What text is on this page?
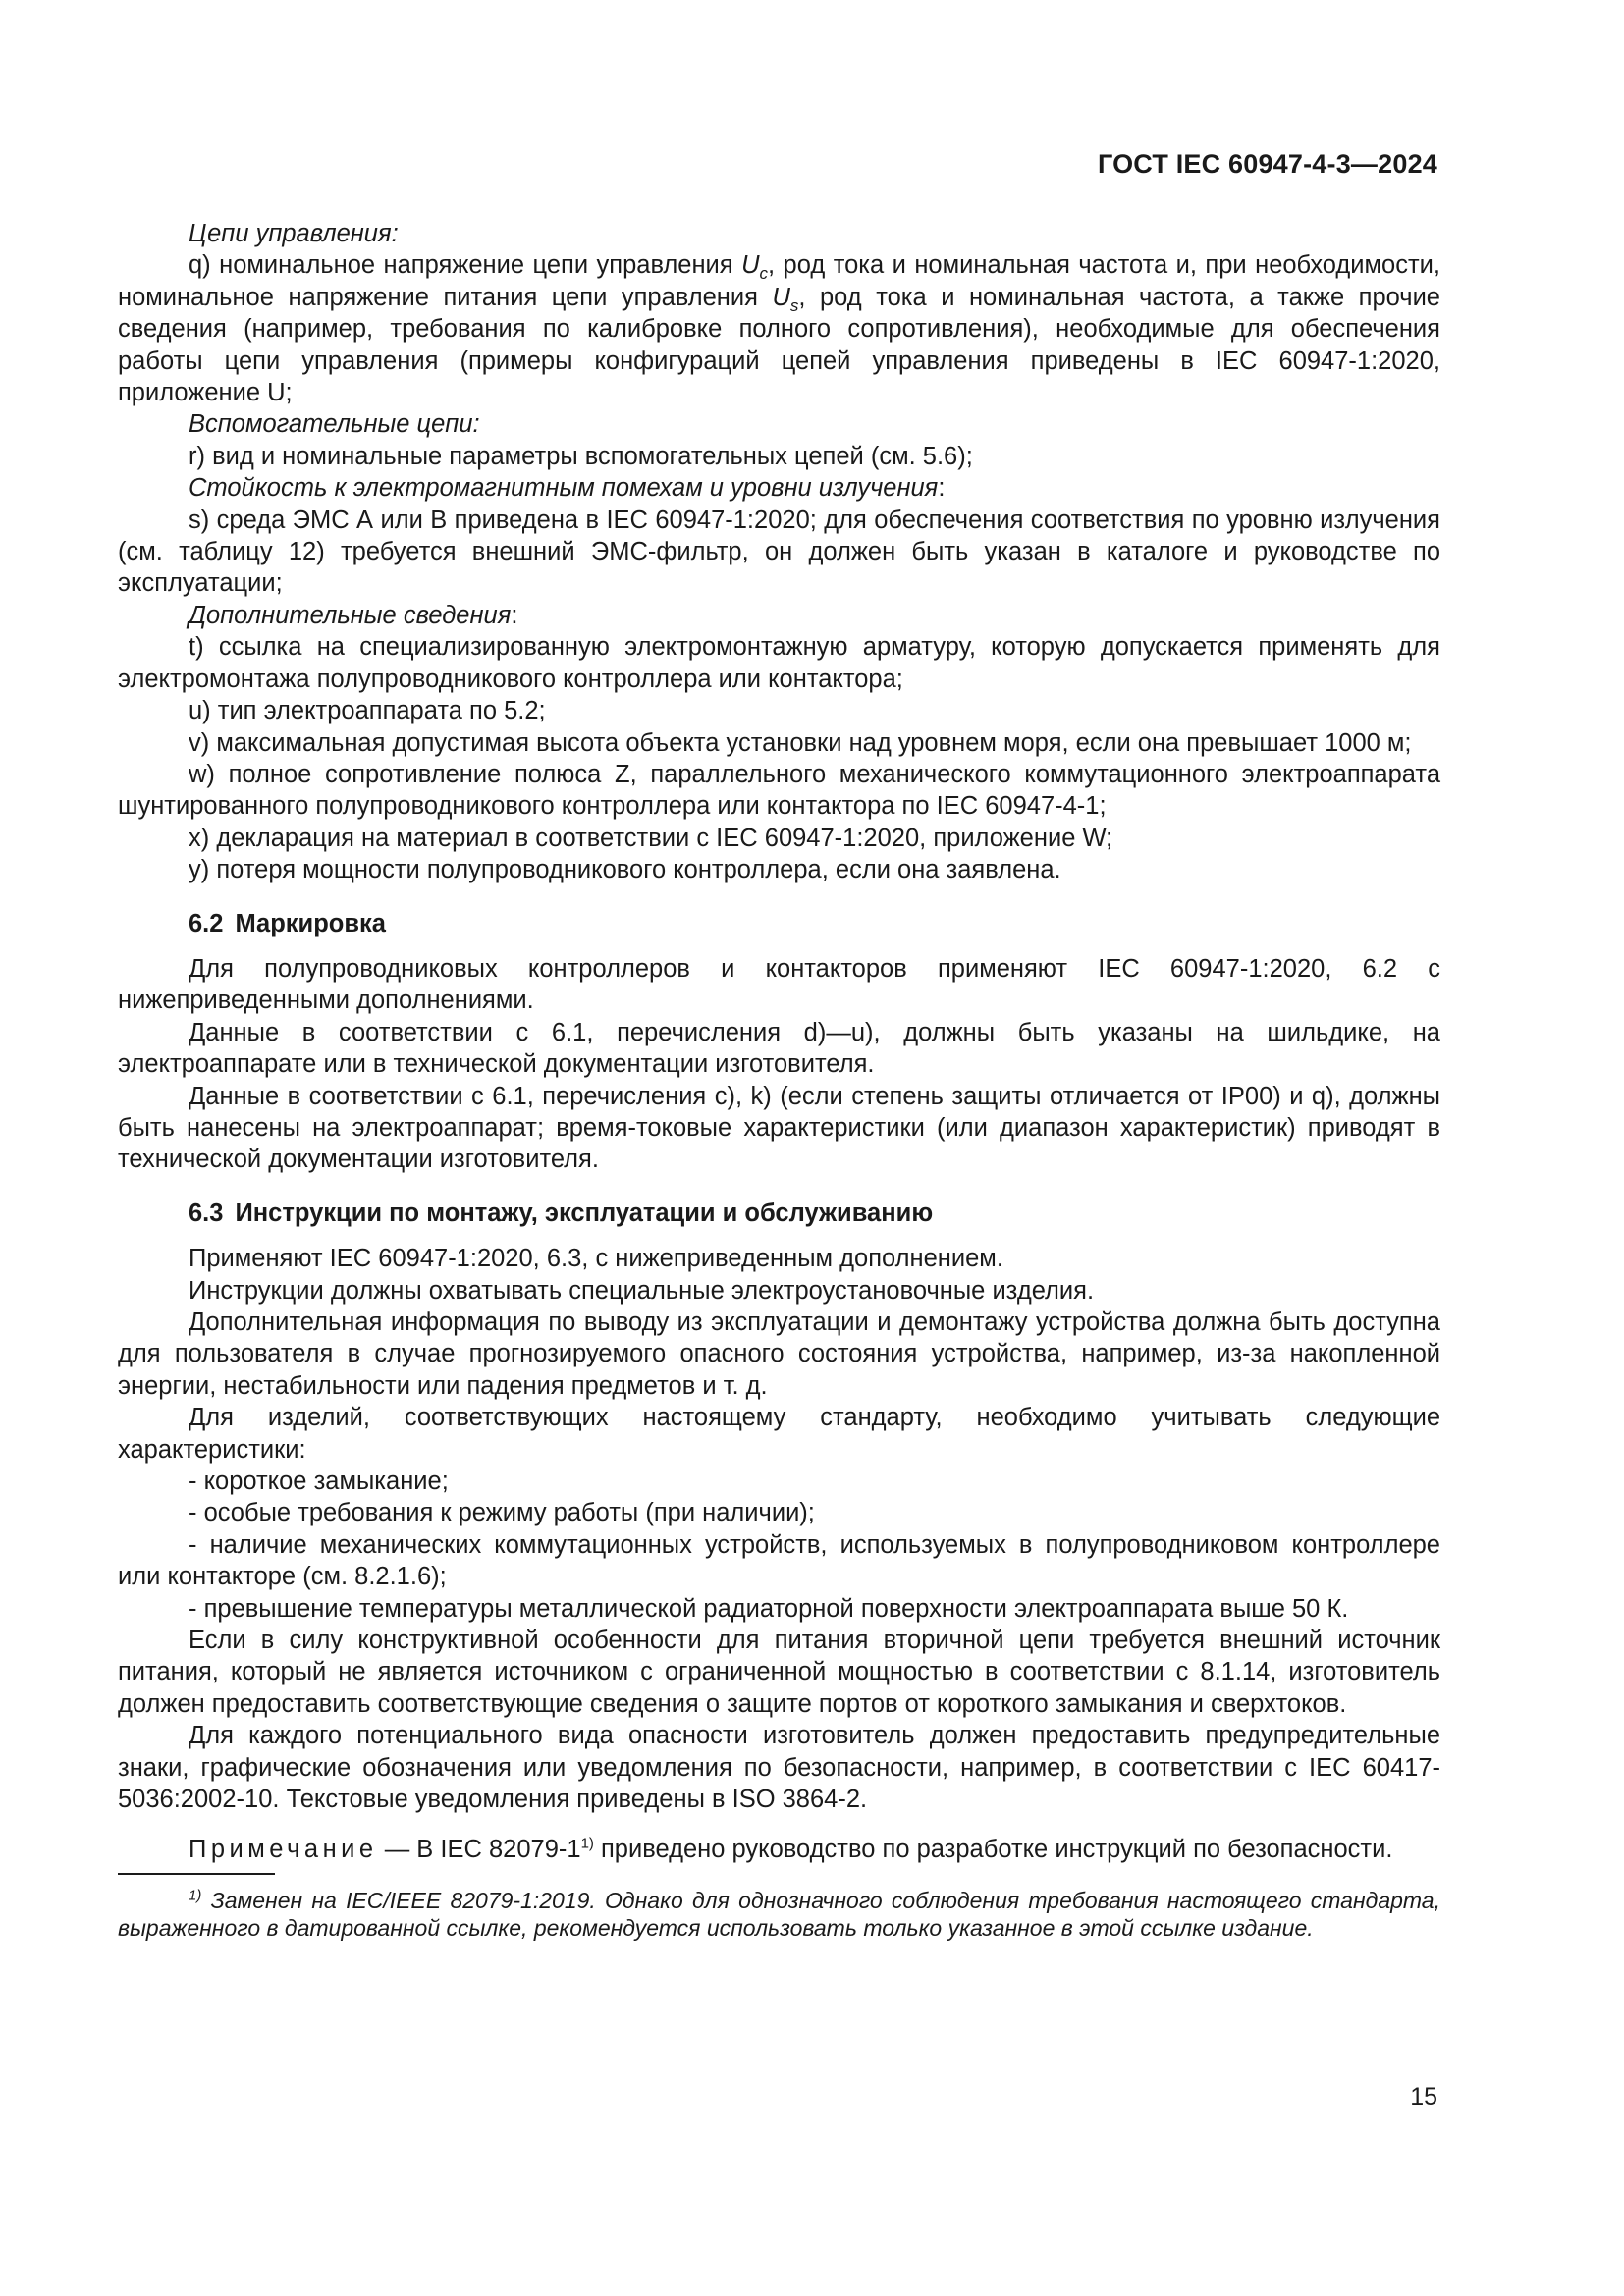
ГОСТ IEC 60947-4-3—2024

Цепи управления:

q) номинальное напряжение цепи управления $U_c$, род тока и номинальная частота и, при необходимости, номинальное напряжение питания цепи управления $U_s$, род тока и номинальная частота, а также прочие сведения (например, требования по калибровке полного сопротивления), необходимые для обеспечения работы цепи управления (примеры конфигураций цепей управления приведены в IEC 60947-1:2020, приложение U;

Вспомогательные цепи:

r) вид и номинальные параметры вспомогательных цепей (см. 5.6);

Стойкость к электромагнитным помехам и уровни излучения:

s) среда ЭМС А или В приведена в IEC 60947-1:2020; для обеспечения соответствия по уровню излучения (см. таблицу 12) требуется внешний ЭМС-фильтр, он должен быть указан в каталоге и руководстве по эксплуатации;

Дополнительные сведения:

t) ссылка на специализированную электромонтажную арматуру, которую допускается применять для электромонтажа полупроводникового контроллера или контактора;

u) тип электроаппарата по 5.2;

v) максимальная допустимая высота объекта установки над уровнем моря, если она превышает 1000 м;

w) полное сопротивление полюса Z, параллельного механического коммутационного электроаппарата шунтированного полупроводникового контроллера или контактора по IEC 60947-4-1;

x) декларация на материал в соответствии с IEC 60947-1:2020, приложение W;

y) потеря мощности полупроводникового контроллера, если она заявлена.

6.2 Маркировка

Для полупроводниковых контроллеров и контакторов применяют IEC 60947-1:2020, 6.2 с нижеприведенными дополнениями.

Данные в соответствии с 6.1, перечисления d)—u), должны быть указаны на шильдике, на электроаппарате или в технической документации изготовителя.

Данные в соответствии с 6.1, перечисления c), k) (если степень защиты отличается от IP00) и q), должны быть нанесены на электроаппарат; время-токовые характеристики (или диапазон характеристик) приводят в технической документации изготовителя.

6.3 Инструкции по монтажу, эксплуатации и обслуживанию

Применяют IEC 60947-1:2020, 6.3, с нижеприведенным дополнением.

Инструкции должны охватывать специальные электроустановочные изделия.

Дополнительная информация по выводу из эксплуатации и демонтажу устройства должна быть доступна для пользователя в случае прогнозируемого опасного состояния устройства, например, из-за накопленной энергии, нестабильности или падения предметов и т. д.

Для изделий, соответствующих настоящему стандарту, необходимо учитывать следующие характеристики:

- короткое замыкание;

- особые требования к режиму работы (при наличии);

- наличие механических коммутационных устройств, используемых в полупроводниковом контроллере или контакторе (см. 8.2.1.6);

- превышение температуры металлической радиаторной поверхности электроаппарата выше 50 К.

Если в силу конструктивной особенности для питания вторичной цепи требуется внешний источник питания, который не является источником с ограниченной мощностью в соответствии с 8.1.14, изготовитель должен предоставить соответствующие сведения о защите портов от короткого замыкания и сверхтоков.

Для каждого потенциального вида опасности изготовитель должен предоставить предупредительные знаки, графические обозначения или уведомления по безопасности, например, в соответствии с IEC 60417-5036:2002-10. Текстовые уведомления приведены в ISO 3864-2.

Примечание — В IEC 82079-1$^{1)}$ приведено руководство по разработке инструкций по безопасности.

$^{1)}$ Заменен на IEC/IEEE 82079-1:2019. Однако для однозначного соблюдения требования настоящего стандарта, выраженного в датированной ссылке, рекомендуется использовать только указанное в этой ссылке издание.

15
